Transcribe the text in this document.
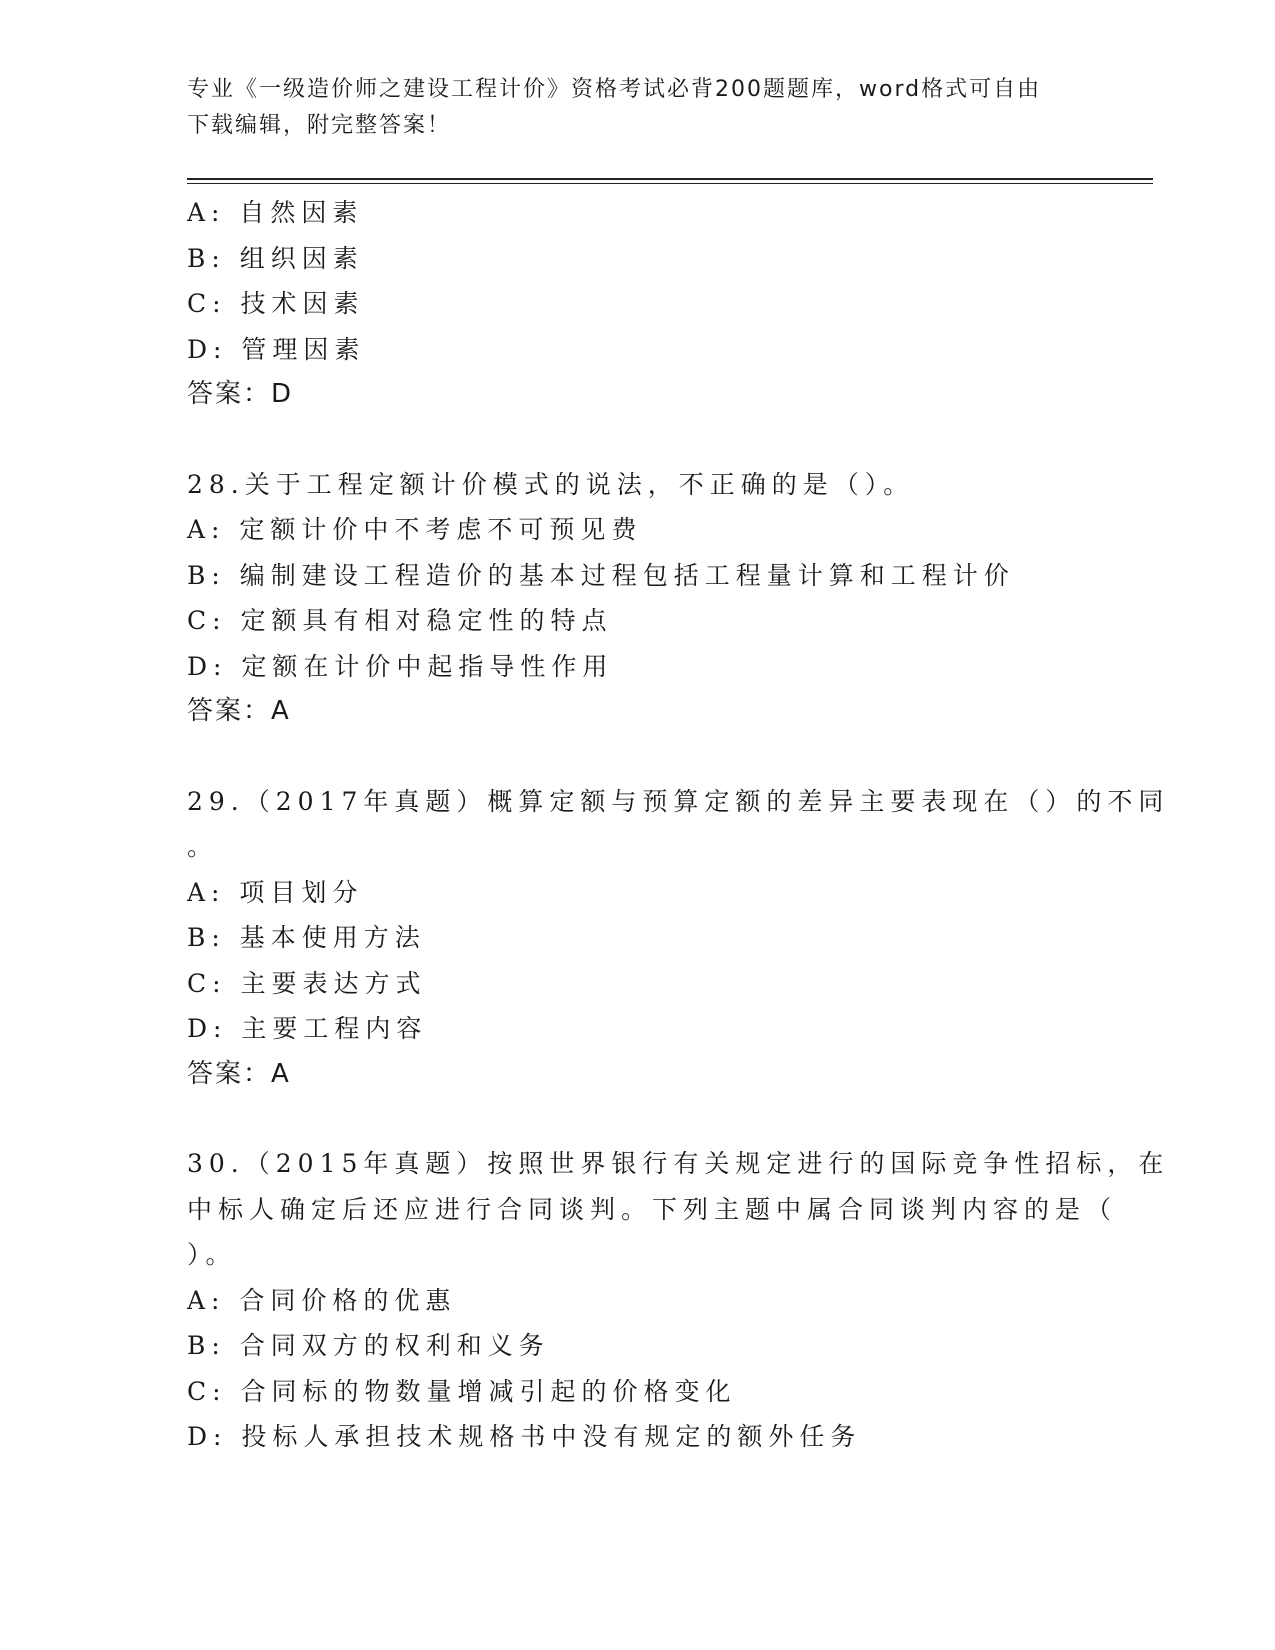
专业《一级造价师之建设工程计价》资格考试必背200题题库，word格式可自由
下载编辑，附完整答案！
A: 自然因素
B: 组织因素
C: 技术因素
D: 管理因素
答案：D
28.关于工程定额计价模式的说法，不正确的是（）。
A: 定额计价中不考虑不可预见费
B: 编制建设工程造价的基本过程包括工程量计算和工程计价
C: 定额具有相对稳定性的特点
D: 定额在计价中起指导性作用
答案：A
29.（2017年真题）概算定额与预算定额的差异主要表现在（）的不同
。
A: 项目划分
B: 基本使用方法
C: 主要表达方式
D: 主要工程内容
答案：A
30.（2015年真题）按照世界银行有关规定进行的国际竞争性招标，在
中标人确定后还应进行合同谈判。下列主题中属合同谈判内容的是（
）。
A: 合同价格的优惠
B: 合同双方的权利和义务
C: 合同标的物数量增减引起的价格变化
D: 投标人承担技术规格书中没有规定的额外任务
